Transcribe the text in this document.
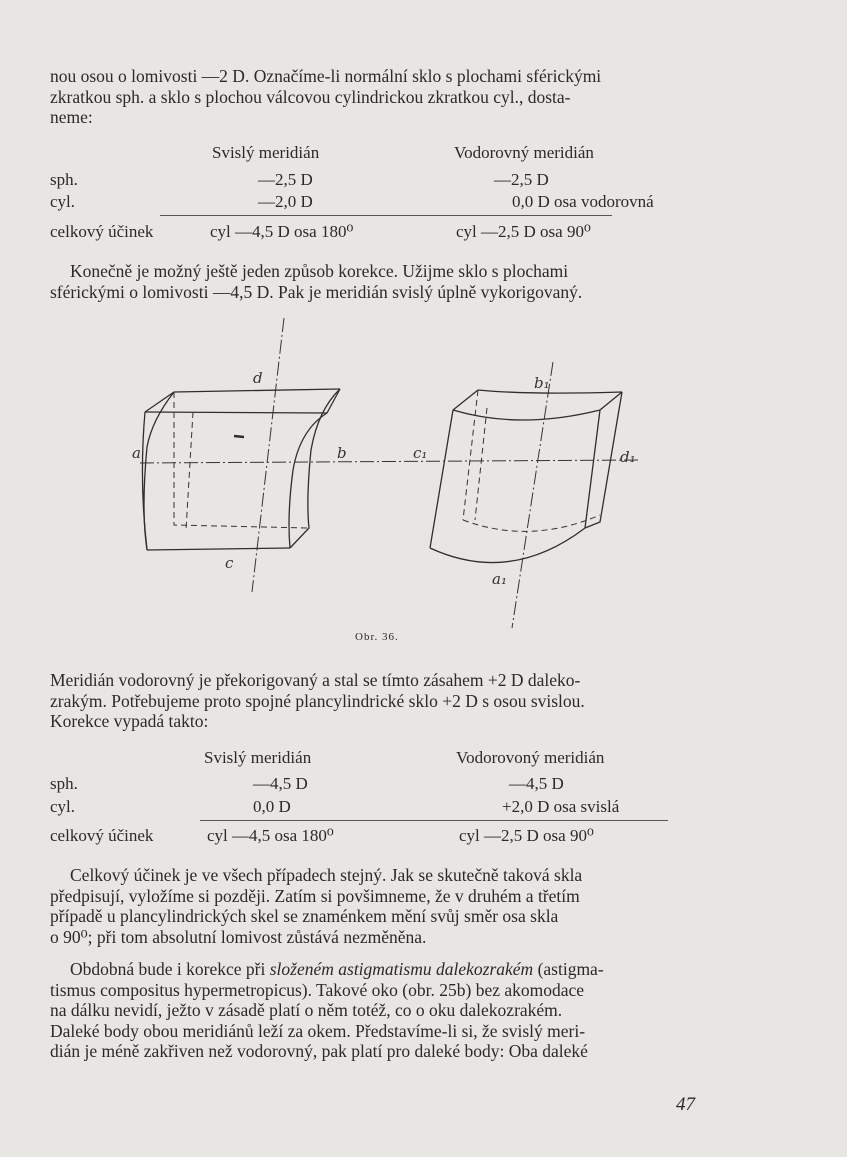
nou osou o lomivosti —2 D. Označíme-li normální sklo s plochami sférickými
zkratkou sph. a sklo s plochou válcovou cylindrickou zkratkou cyl., dosta-
neme:
Svislý meridián	Vodorovný meridián
sph.	—2,5 D	—2,5 D
cyl.	—2,0 D	0,0 D osa vodorovná
celkový účinek	cyl —4,5 D osa 180⁰	cyl —2,5 D osa 90⁰
Konečně je možný ještě jeden způsob korekce. Užijme sklo s plochami
sférickými o lomivosti —4,5 D. Pak je meridián svislý úplně vykorigovaný.
a	b
c
d
a₁
b₁
c₁	d₁
Obr. 36.
Meridián vodorovný je překorigovaný a stal se tímto zásahem +2 D daleko-
zrakým. Potřebujeme proto spojné plancylindrické sklo +2 D s osou svislou.
Korekce vypadá takto:
Svislý meridián	Vodorovoný meridián
sph.	—4,5 D	—4,5 D
cyl.	0,0 D	+2,0 D osa svislá
celkový účinek	cyl —4,5 osa 180⁰	cyl —2,5 D osa 90⁰
Celkový účinek je ve všech případech stejný. Jak se skutečně taková skla
předpisují, vyložíme si později. Zatím si povšimneme, že v druhém a třetím
případě u plancylindrických skel se znaménkem mění svůj směr osa skla
o 90⁰; při tom absolutní lomivost zůstává nezměněna.
Obdobná bude i korekce při složeném astigmatismu dalekozrakém (astigma-
tismus compositus hypermetropicus). Takové oko (obr. 25b) bez akomodace
na dálku nevidí, ježto v zásadě platí o něm totéž, co o oku dalekozrakém.
Daleké body obou meridiánů leží za okem. Představíme-li si, že svislý meri-
dián je méně zakřiven než vodorovný, pak platí pro daleké body: Oba daleké
47
